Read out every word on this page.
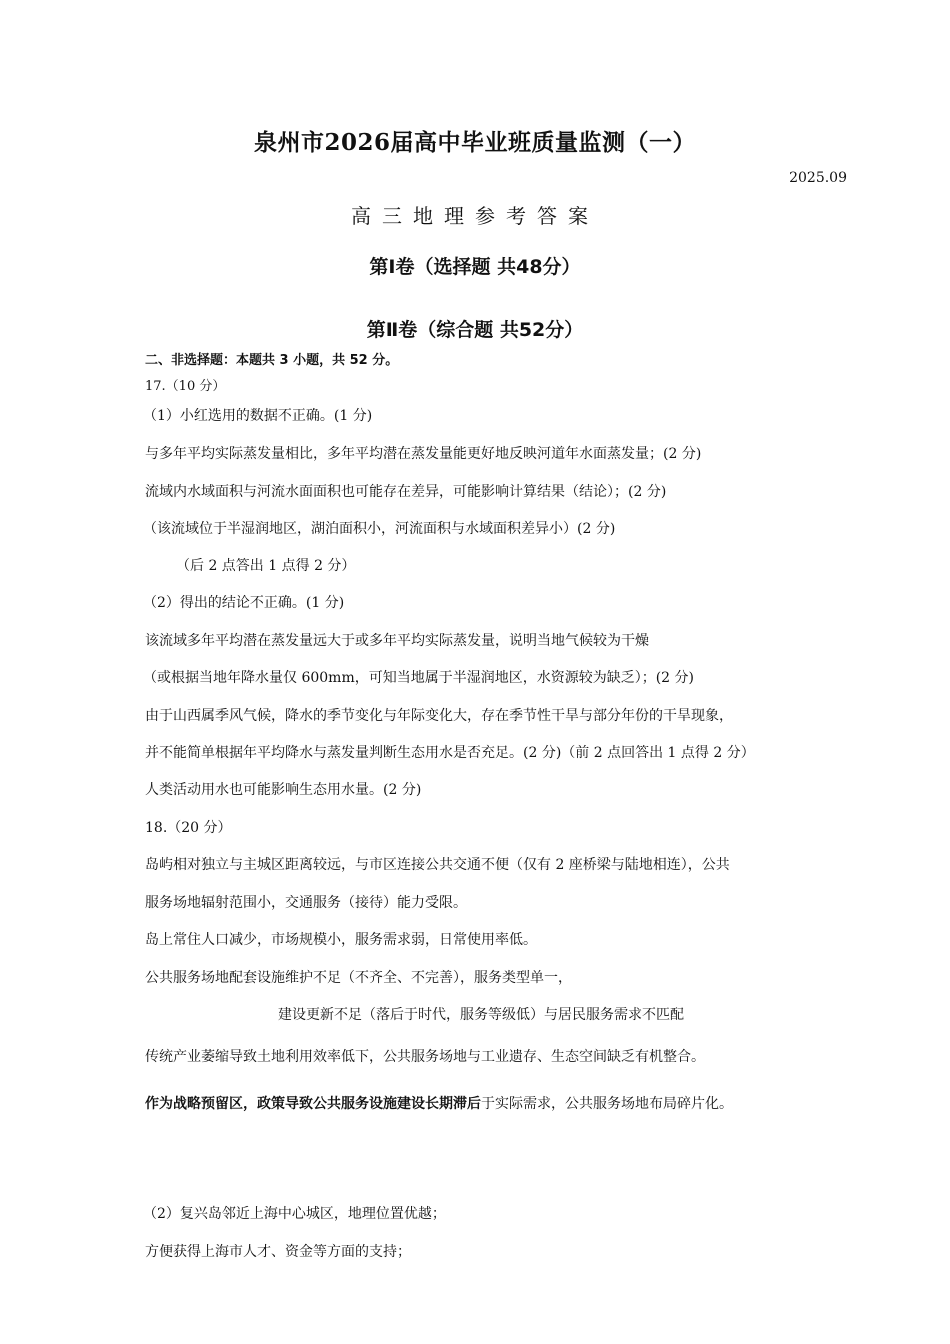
泉州市2026届高中毕业班质量监测（一）
2025.09
高三地理参考答案
第Ⅰ卷（选择题 共48分）
第Ⅱ卷（综合题 共52分）
二、非选择题：本题共 3 小题，共 52 分。
17.（10 分）
（1）小红选用的数据不正确。(1 分)
与多年平均实际蒸发量相比，多年平均潜在蒸发量能更好地反映河道年水面蒸发量；(2 分)
流域内水域面积与河流水面面积也可能存在差异，可能影响计算结果（结论）；(2 分)
（该流域位于半湿润地区，湖泊面积小，河流面积与水域面积差异小）(2 分)
（后 2 点答出 1 点得 2 分）
（2）得出的结论不正确。(1 分)
该流域多年平均潜在蒸发量远大于或多年平均实际蒸发量，说明当地气候较为干燥
（或根据当地年降水量仅 600mm，可知当地属于半湿润地区，水资源较为缺乏）；(2 分)
由于山西属季风气候，降水的季节变化与年际变化大，存在季节性干旱与部分年份的干旱现象，
并不能简单根据年平均降水与蒸发量判断生态用水是否充足。(2 分)（前 2 点回答出 1 点得 2 分）
人类活动用水也可能影响生态用水量。(2 分)
18.（20 分）
岛屿相对独立与主城区距离较远，与市区连接公共交通不便（仅有 2 座桥梁与陆地相连），公共
服务场地辐射范围小，交通服务（接待）能力受限。
岛上常住人口减少，市场规模小，服务需求弱，日常使用率低。
公共服务场地配套设施维护不足（不齐全、不完善），服务类型单一，
建设更新不足（落后于时代，服务等级低）与居民服务需求不匹配
传统产业萎缩导致土地利用效率低下，公共服务场地与工业遗存、生态空间缺乏有机整合。
作为战略预留区，政策导致公共服务设施建设长期滞后于实际需求，公共服务场地布局碎片化。
（2）复兴岛邻近上海中心城区，地理位置优越；
方便获得上海市人才、资金等方面的支持；
